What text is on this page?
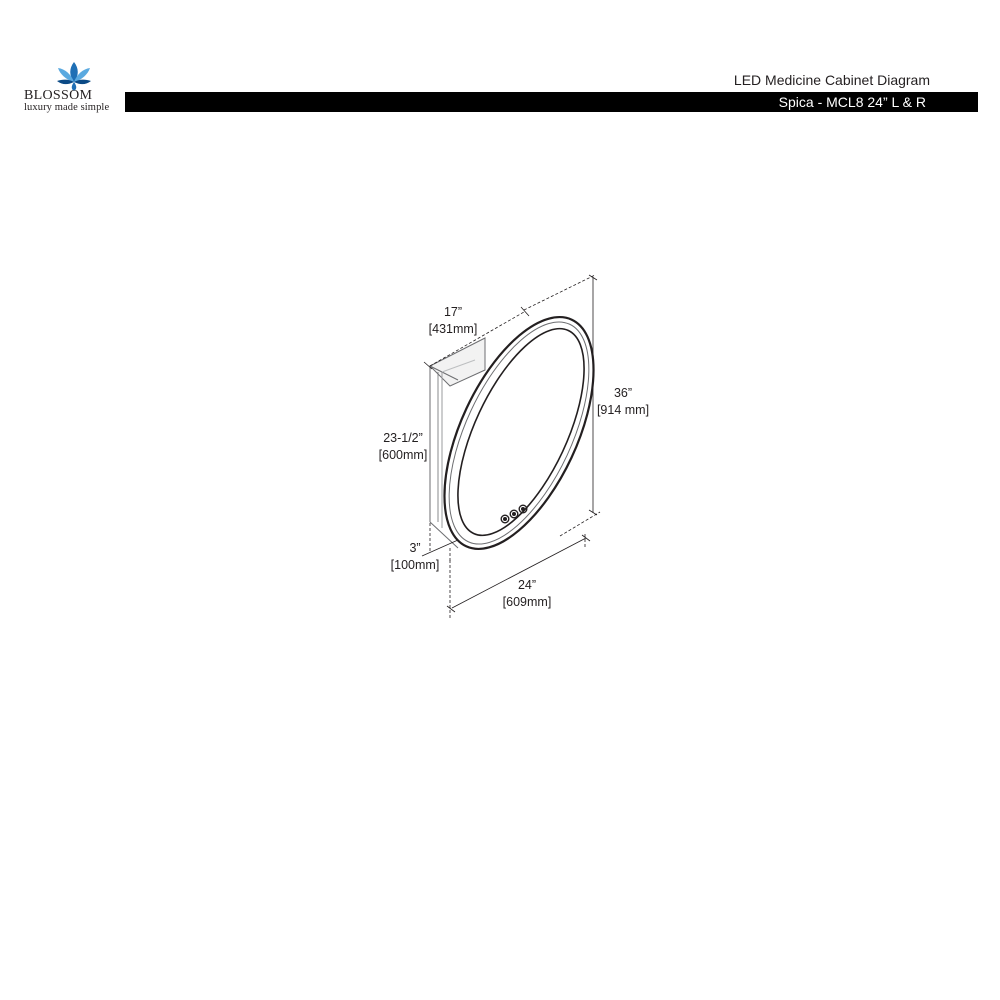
BLOSSOM
luxury made simple
LED Medicine Cabinet Diagram
Spica - MCL8 24” L & R
17”
[431mm]
36”
[914 mm]
23-1/2”
[600mm]
3”
[100mm]
24”
[609mm]
